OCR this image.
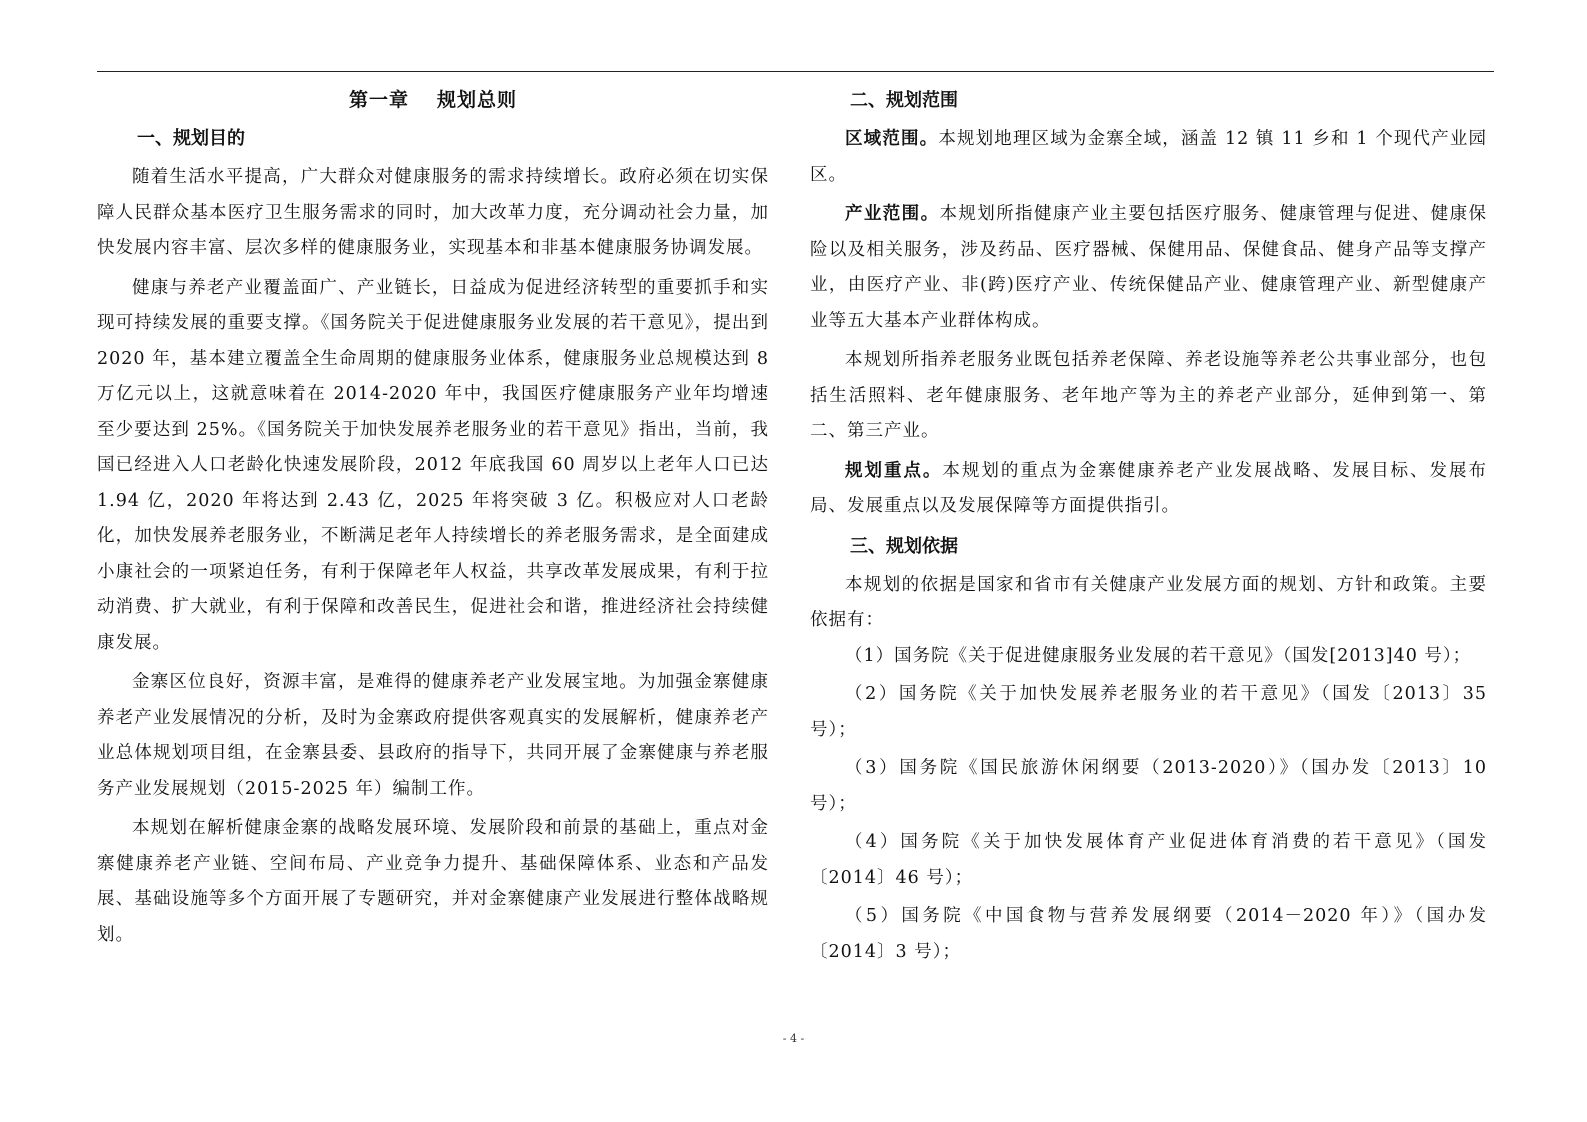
第一章 规划总则
一、规划目的

随着生活水平提高，广大群众对健康服务的需求持续增长。政府必须在切实保障人民群众基本医疗卫生服务需求的同时，加大改革力度，充分调动社会力量，加快发展内容丰富、层次多样的健康服务业，实现基本和非基本健康服务协调发展。

健康与养老产业覆盖面广、产业链长，日益成为促进经济转型的重要抓手和实现可持续发展的重要支撑。《国务院关于促进健康服务业发展的若干意见》，提出到 2020 年，基本建立覆盖全生命周期的健康服务业体系，健康服务业总规模达到 8 万亿元以上，这就意味着在 2014-2020 年中，我国医疗健康服务产业年均增速至少要达到 25%。《国务院关于加快发展养老服务业的若干意见》指出，当前，我国已经进入人口老龄化快速发展阶段，2012 年底我国 60 周岁以上老年人口已达 1.94 亿，2020 年将达到 2.43 亿，2025 年将突破 3 亿。积极应对人口老龄化，加快发展养老服务业，不断满足老年人持续增长的养老服务需求，是全面建成小康社会的一项紧迫任务，有利于保障老年人权益，共享改革发展成果，有利于拉动消费、扩大就业，有利于保障和改善民生，促进社会和谐，推进经济社会持续健康发展。

金寨区位良好，资源丰富，是难得的健康养老产业发展宝地。为加强金寨健康养老产业发展情况的分析，及时为金寨政府提供客观真实的发展解析，健康养老产业总体规划项目组，在金寨县委、县政府的指导下，共同开展了金寨健康与养老服务产业发展规划（2015-2025 年）编制工作。

本规划在解析健康金寨的战略发展环境、发展阶段和前景的基础上，重点对金寨健康养老产业链、空间布局、产业竞争力提升、基础保障体系、业态和产品发展、基础设施等多个方面开展了专题研究，并对金寨健康产业发展进行整体战略规划。

二、规划范围

区域范围。本规划地理区域为金寨全域，涵盖 12 镇 11 乡和 1 个现代产业园区。

产业范围。本规划所指健康产业主要包括医疗服务、健康管理与促进、健康保险以及相关服务，涉及药品、医疗器械、保健用品、保健食品、健身产品等支撑产业，由医疗产业、非(跨)医疗产业、传统保健品产业、健康管理产业、新型健康产业等五大基本产业群体构成。

本规划所指养老服务业既包括养老保障、养老设施等养老公共事业部分，也包括生活照料、老年健康服务、老年地产等为主的养老产业部分，延伸到第一、第二、第三产业。

规划重点。本规划的重点为金寨健康养老产业发展战略、发展目标、发展布局、发展重点以及发展保障等方面提供指引。

三、规划依据

本规划的依据是国家和省市有关健康产业发展方面的规划、方针和政策。主要依据有：

（1）国务院《关于促进健康服务业发展的若干意见》（国发[2013]40 号）；

（2）国务院《关于加快发展养老服务业的若干意见》（国发〔2013〕35 号）；

（3）国务院《国民旅游休闲纲要（2013-2020）》（国办发〔2013〕10 号）；

（4）国务院《关于加快发展体育产业促进体育消费的若干意见》（国发〔2014〕46 号）；

（5）国务院《中国食物与营养发展纲要（2014－2020 年）》（国办发〔2014〕3 号）；

- 4 -
